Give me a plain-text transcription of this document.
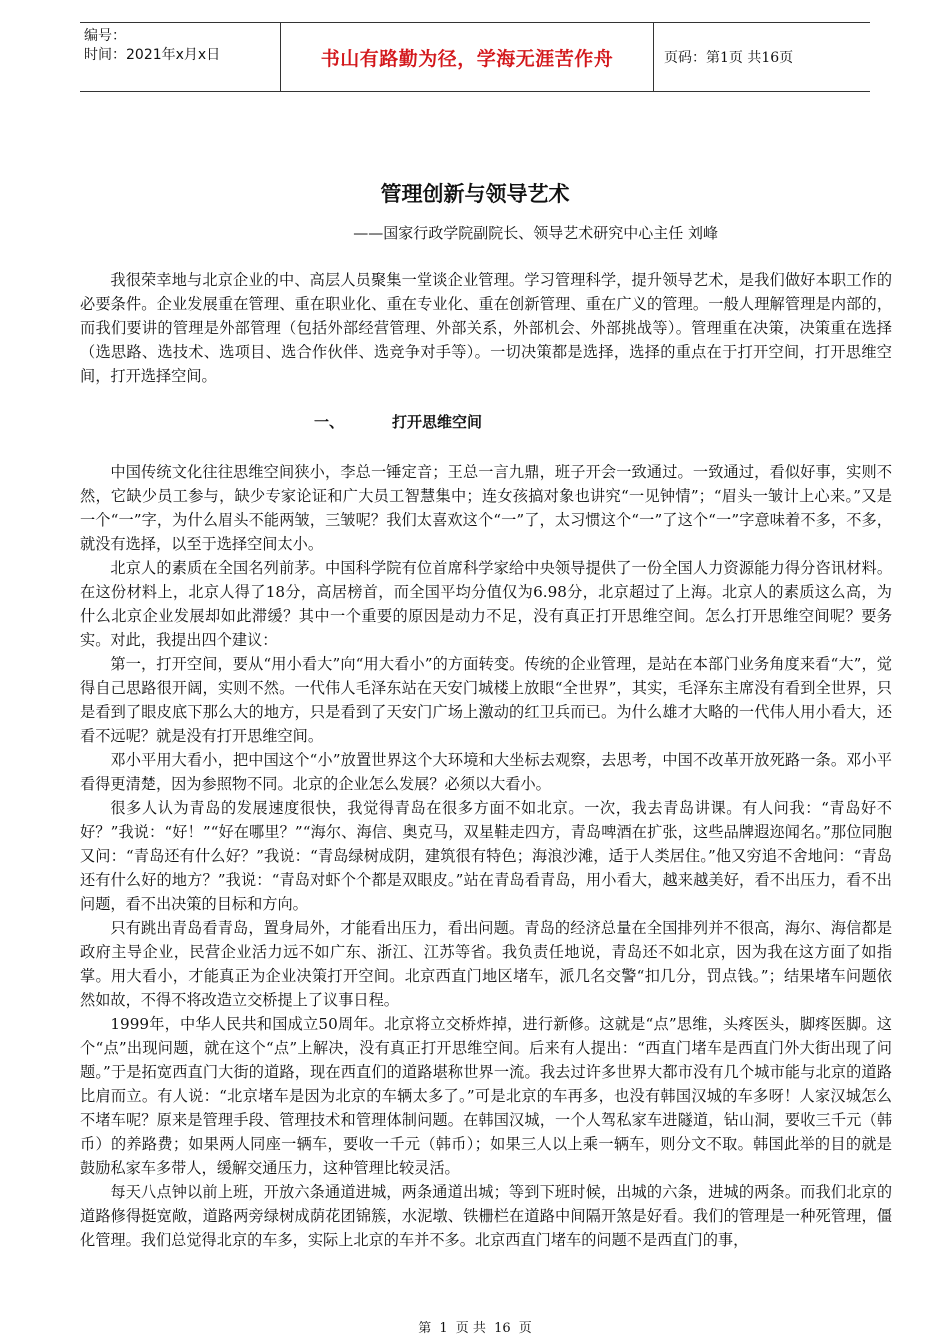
编号：
时间：2021年x月x日	书山有路勤为径，学海无涯苦作舟	页码：第1页 共16页
管理创新与领导艺术
——国家行政学院副院长、领导艺术研究中心主任 刘峰

我很荣幸地与北京企业的中、高层人员聚集一堂谈企业管理。学习管理科学，提升领导艺术，是我们做好本职工作的必要条件。企业发展重在管理、重在职业化、重在专业化、重在创新管理、重在广义的管理。一般人理解管理是内部的，而我们要讲的管理是外部管理（包括外部经营管理、外部关系，外部机会、外部挑战等）。管理重在决策，决策重在选择（选思路、选技术、选项目、选合作伙伴、选竞争对手等）。一切决策都是选择，选择的重点在于打开空间，打开思维空间，打开选择空间。

一、	打开思维空间

中国传统文化往往思维空间狭小，李总一锤定音；王总一言九鼎，班子开会一致通过。一致通过，看似好事，实则不然，它缺少员工参与，缺少专家论证和广大员工智慧集中；连女孩搞对象也讲究“一见钟情”；“眉头一皱计上心来。”又是一个“一”字，为什么眉头不能两皱，三皱呢？我们太喜欢这个“一”了，太习惯这个“一”了这个“一”字意味着不多，不多，就没有选择，以至于选择空间太小。

北京人的素质在全国名列前茅。中国科学院有位首席科学家给中央领导提供了一份全国人力资源能力得分咨讯材料。在这份材料上，北京人得了18分，高居榜首，而全国平均分值仅为6.98分，北京超过了上海。北京人的素质这么高，为什么北京企业发展却如此滞缓？其中一个重要的原因是动力不足，没有真正打开思维空间。怎么打开思维空间呢？要务实。对此，我提出四个建议：

第一，打开空间，要从“用小看大”向“用大看小”的方面转变。传统的企业管理，是站在本部门业务角度来看“大”，觉得自己思路很开阔，实则不然。一代伟人毛泽东站在天安门城楼上放眼“全世界”，其实，毛泽东主席没有看到全世界，只是看到了眼皮底下那么大的地方，只是看到了天安门广场上激动的红卫兵而已。为什么雄才大略的一代伟人用小看大，还看不远呢？就是没有打开思维空间。

邓小平用大看小，把中国这个“小”放置世界这个大环境和大坐标去观察，去思考，中国不改革开放死路一条。邓小平看得更清楚，因为参照物不同。北京的企业怎么发展？必须以大看小。

很多人认为青岛的发展速度很快，我觉得青岛在很多方面不如北京。一次，我去青岛讲课。有人问我：“青岛好不好？”我说：“好！”“好在哪里？”“海尔、海信、奥克马，双星鞋走四方，青岛啤酒在扩张，这些品牌遐迩闻名。”那位同胞又问：“青岛还有什么好？”我说：“青岛绿树成阴，建筑很有特色；海浪沙滩，适于人类居住。”他又穷追不舍地问：“青岛还有什么好的地方？”我说：“青岛对虾个个都是双眼皮。”站在青岛看青岛，用小看大，越来越美好，看不出压力，看不出问题，看不出决策的目标和方向。

只有跳出青岛看青岛，置身局外，才能看出压力，看出问题。青岛的经济总量在全国排列并不很高，海尔、海信都是政府主导企业，民营企业活力远不如广东、浙江、江苏等省。我负责任地说，青岛还不如北京，因为我在这方面了如指掌。用大看小，才能真正为企业决策打开空间。北京西直门地区堵车，派几名交警“扣几分，罚点钱。”；结果堵车问题依然如故，不得不将改造立交桥提上了议事日程。

1999年，中华人民共和国成立50周年。北京将立交桥炸掉，进行新修。这就是“点”思维，头疼医头，脚疼医脚。这个“点”出现问题，就在这个“点”上解决，没有真正打开思维空间。后来有人提出：“西直门堵车是西直门外大街出现了问题。”于是拓宽西直门大街的道路，现在西直们的道路堪称世界一流。我去过许多世界大都市没有几个城市能与北京的道路比肩而立。有人说：“北京堵车是因为北京的车辆太多了。”可是北京的车再多，也没有韩国汉城的车多呀！人家汉城怎么不堵车呢？原来是管理手段、管理技术和管理体制问题。在韩国汉城，一个人驾私家车进隧道，钻山洞，要收三千元（韩币）的养路费；如果两人同座一辆车，要收一千元（韩币）；如果三人以上乘一辆车，则分文不取。韩国此举的目的就是鼓励私家车多带人，缓解交通压力，这种管理比较灵活。

每天八点钟以前上班，开放六条通道进城，两条通道出城；等到下班时候，出城的六条，进城的两条。而我们北京的道路修得挺宽敞，道路两旁绿树成荫花团锦簇，水泥墩、铁栅栏在道路中间隔开煞是好看。我们的管理是一种死管理，僵化管理。我们总觉得北京的车多，实际上北京的车并不多。北京西直门堵车的问题不是西直门的事，

第 1 页 共 16 页
